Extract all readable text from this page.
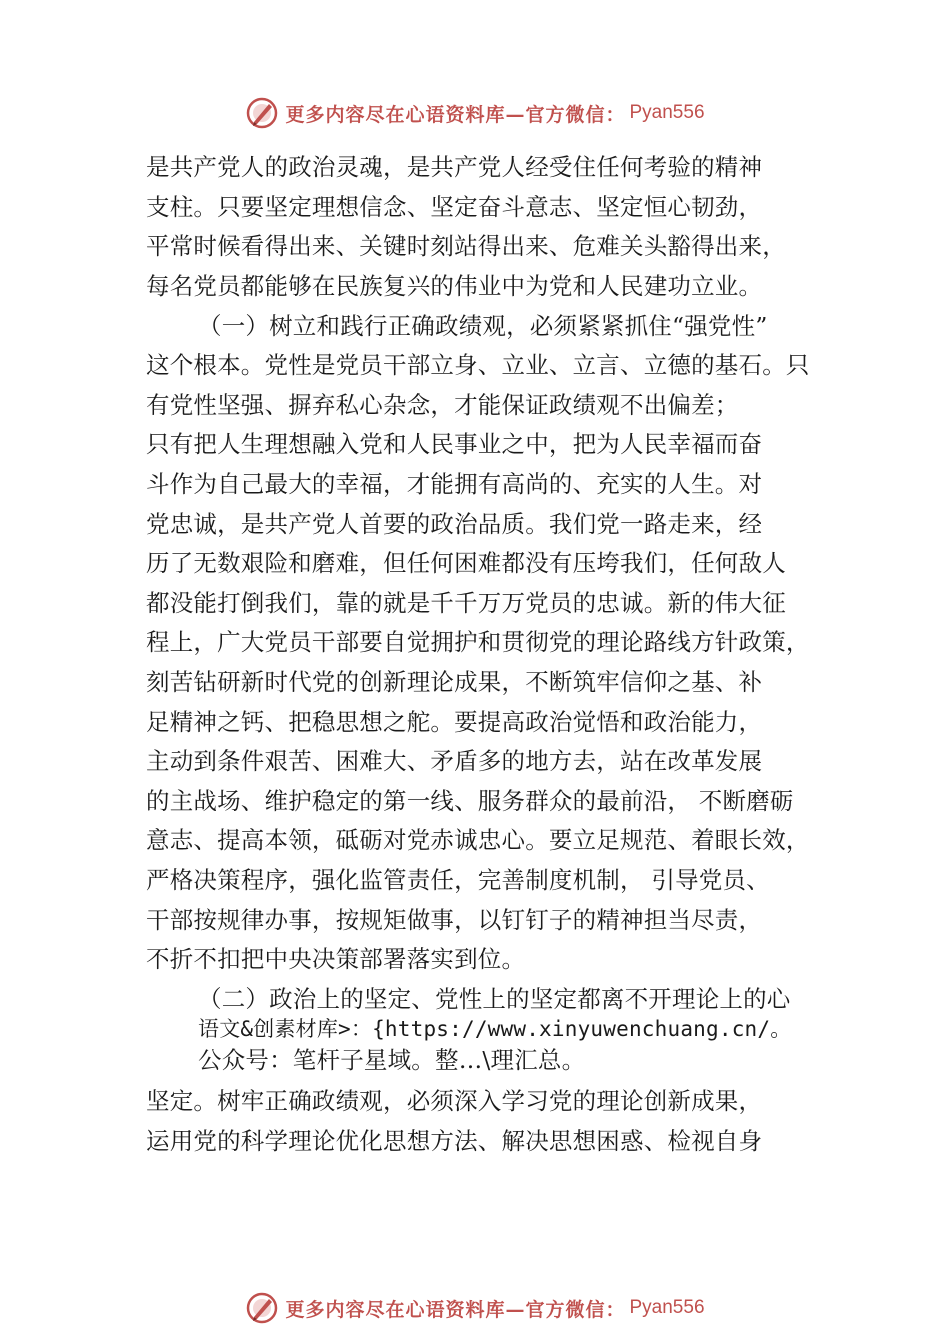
更多内容尽在心语资料库—官方微信： Pyan556
是共产党人的政治灵魂，是共产党人经受住任何考验的精神
支柱。只要坚定理想信念、坚定奋斗意志、坚定恒心韧劲，
平常时候看得出来、关键时刻站得出来、危难关头豁得出来，
每名党员都能够在民族复兴的伟业中为党和人民建功立业。
（一）树立和践行正确政绩观，必须紧紧抓住“强党性”
这个根本。党性是党员干部立身、立业、立言、立德的基石。只
有党性坚强、摒弃私心杂念，才能保证政绩观不出偏差；
只有把人生理想融入党和人民事业之中，把为人民幸福而奋
斗作为自己最大的幸福，才能拥有高尚的、充实的人生。对
党忠诚，是共产党人首要的政治品质。我们党一路走来，经
历了无数艰险和磨难，但任何困难都没有压垮我们，任何敌人
都没能打倒我们，靠的就是千千万万党员的忠诚。新的伟大征
程上，广大党员干部要自觉拥护和贯彻党的理论路线方针政策，
刻苦钻研新时代党的创新理论成果，不断筑牢信仰之基、补
足精神之钙、把稳思想之舵。要提高政治觉悟和政治能力，
主动到条件艰苦、困难大、矛盾多的地方去，站在改革发展
的主战场、维护稳定的第一线、服务群众的最前沿， 不断磨砺
意志、提高本领，砥砺对党赤诚忠心。要立足规范、着眼长效，
严格决策程序，强化监管责任，完善制度机制， 引导党员、
干部按规律办事，按规矩做事，以钉钉子的精神担当尽责，
不折不扣把中央决策部署落实到位。
（二）政治上的坚定、党性上的坚定都离不开理论上的心
语文&创素材库>：{https://www.xinyuwenchuang.cn/。
公众号：笔杆子星域。整…\理汇总。
坚定。树牢正确政绩观，必须深入学习党的理论创新成果，
运用党的科学理论优化思想方法、解决思想困惑、检视自身
更多内容尽在心语资料库—官方微信： Pyan556
